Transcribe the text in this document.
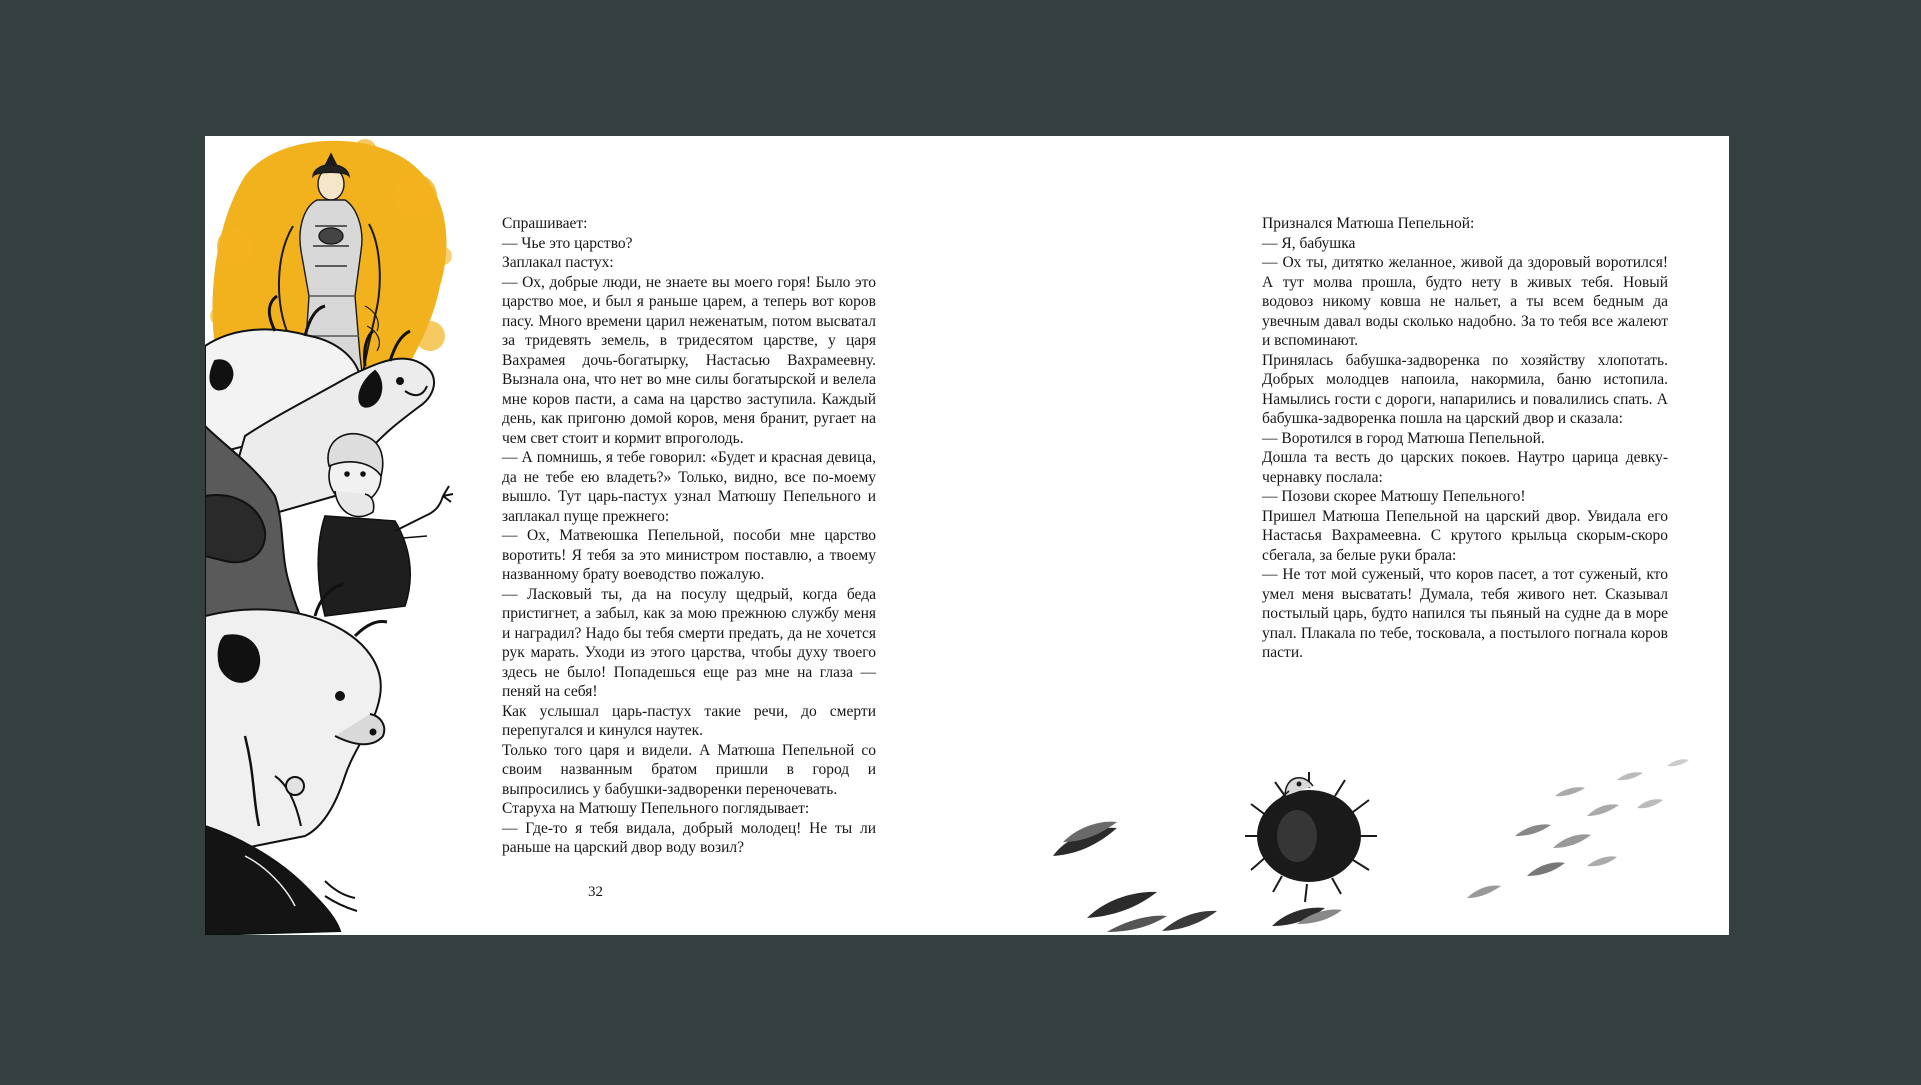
Спрашивает:

— Чье это царство?

Заплакал пастух:

— Ох, добрые люди, не знаете вы моего горя! Было это царство мое, и был я раньше царем, а теперь вот коров пасу. Много времени царил неженатым, потом высватал за тридевять земель, в тридесятом царстве, у царя Вахрамея дочь-богатырку, Настасью Вахрамеевну. Вызнала она, что нет во мне силы богатырской и велела мне коров пасти, а сама на царство заступила. Каждый день, как пригоню домой коров, меня бранит, ругает на чем свет стоит и кормит впроголодь.

— А помнишь, я тебе говорил: «Будет и красная девица, да не тебе ею владеть?» Только, видно, все по-моему вышло. Тут царь-пастух узнал Матюшу Пепельного и заплакал пуще прежнего:

— Ох, Матвеюшка Пепельной, пособи мне царство воротить! Я тебя за это министром поставлю, а твоему названному брату воеводство пожалую.

— Ласковый ты, да на посулу щедрый, когда беда пристигнет, а забыл, как за мою прежнюю службу меня и наградил? Надо бы тебя смерти предать, да не хочется рук марать. Уходи из этого царства, чтобы духу твоего здесь не было! Попадешься еще раз мне на глаза — пеняй на себя!

Как услышал царь-пастух такие речи, до смерти перепугался и кинулся наутек.

Только того царя и видели. А Матюша Пепельной со своим названным братом пришли в город и выпросились у бабушки-задворенки переночевать.

Старуха на Матюшу Пепельного поглядывает:

— Где-то я тебя видала, добрый молодец! Не ты ли раньше на царский двор воду возил?

32

Признался Матюша Пепельной:

— Я, бабушка

— Ох ты, дитятко желанное, живой да здоровый воротился! А тут молва прошла, будто нету в живых тебя. Новый водовоз никому ковша не нальет, а ты всем бедным да увечным давал воды сколько надобно. За то тебя все жалеют и вспоминают.

Принялась бабушка-задворенка по хозяйству хлопотать. Добрых молодцев напоила, накормила, баню истопила. Намылись гости с дороги, напарились и повалились спать. А бабушка-задворенка пошла на царский двор и сказала:

— Воротился в город Матюша Пепельной.

Дошла та весть до царских покоев. Наутро царица девку-чернавку послала:

— Позови скорее Матюшу Пепельного!

Пришел Матюша Пепельной на царский двор. Увидала его Настасья Вахрамеевна. С крутого крыльца скорым-скоро сбегала, за белые руки брала:

— Не тот мой суженый, что коров пасет, а тот суженый, кто умел меня высватать! Думала, тебя живого нет. Сказывал постылый царь, будто напился ты пьяный на судне да в море упал. Плакала по тебе, тосковала, а постылого погнала коров пасти.
